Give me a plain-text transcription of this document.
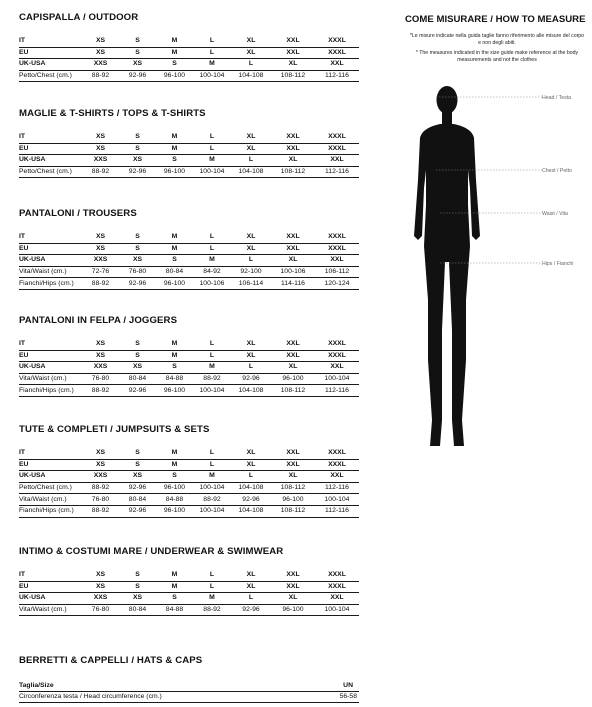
CAPISPALLA / OUTDOOR
IT	XS	S	M	L	XL	XXL	XXXL
EU	XS	S	M	L	XL	XXL	XXXL
UK-USA	XXS	XS	S	M	L	XL	XXL
Petto/Chest (cm.)	88-92	92-96	96-100	100-104	104-108	108-112	112-116
MAGLIE & T-SHIRTS / TOPS & T-SHIRTS
IT	XS	S	M	L	XL	XXL	XXXL
EU	XS	S	M	L	XL	XXL	XXXL
UK-USA	XXS	XS	S	M	L	XL	XXL
Petto/Chest (cm.)	88-92	92-96	96-100	100-104	104-108	108-112	112-116
PANTALONI / TROUSERS
IT	XS	S	M	L	XL	XXL	XXXL
EU	XS	S	M	L	XL	XXL	XXXL
UK-USA	XXS	XS	S	M	L	XL	XXL
Vita/Waist (cm.)	72-76	76-80	80-84	84-92	92-100	100-106	106-112
Fianchi/Hips (cm.)	88-92	92-96	96-100	100-106	106-114	114-116	120-124
PANTALONI IN FELPA / JOGGERS
IT	XS	S	M	L	XL	XXL	XXXL
EU	XS	S	M	L	XL	XXL	XXXL
UK-USA	XXS	XS	S	M	L	XL	XXL
Vita/Waist (cm.)	76-80	80-84	84-88	88-92	92-96	96-100	100-104
Fianchi/Hips (cm.)	88-92	92-96	96-100	100-104	104-108	108-112	112-116
TUTE & COMPLETI / JUMPSUITS & SETS
IT	XS	S	M	L	XL	XXL	XXXL
EU	XS	S	M	L	XL	XXL	XXXL
UK-USA	XXS	XS	S	M	L	XL	XXL
Petto/Chest (cm.)	88-92	92-96	96-100	100-104	104-108	108-112	112-116
Vita/Waist (cm.)	76-80	80-84	84-88	88-92	92-96	96-100	100-104
Fianchi/Hips (cm.)	88-92	92-96	96-100	100-104	104-108	108-112	112-116
INTIMO & COSTUMI MARE / UNDERWEAR & SWIMWEAR
IT	XS	S	M	L	XL	XXL	XXXL
EU	XS	S	M	L	XL	XXL	XXXL
UK-USA	XXS	XS	S	M	L	XL	XXL
Vita/Waist (cm.)	76-80	80-84	84-88	88-92	92-96	96-100	100-104
BERRETTI & CAPPELLI / HATS & CAPS
Taglia/Size	UN
Circonferenza testa / Head circumference (cm.)	56-58
COME MISURARE / HOW TO MEASURE
*Le misure indicate nella guida taglie fanno riferimento alle misure del corpo e non degli abiti.
* The measures indicated in the size guide make reference at the body measurements and not the clothes
Head / Testa
Chest / Petto
Waist / Vita
Hips / Fianchi
